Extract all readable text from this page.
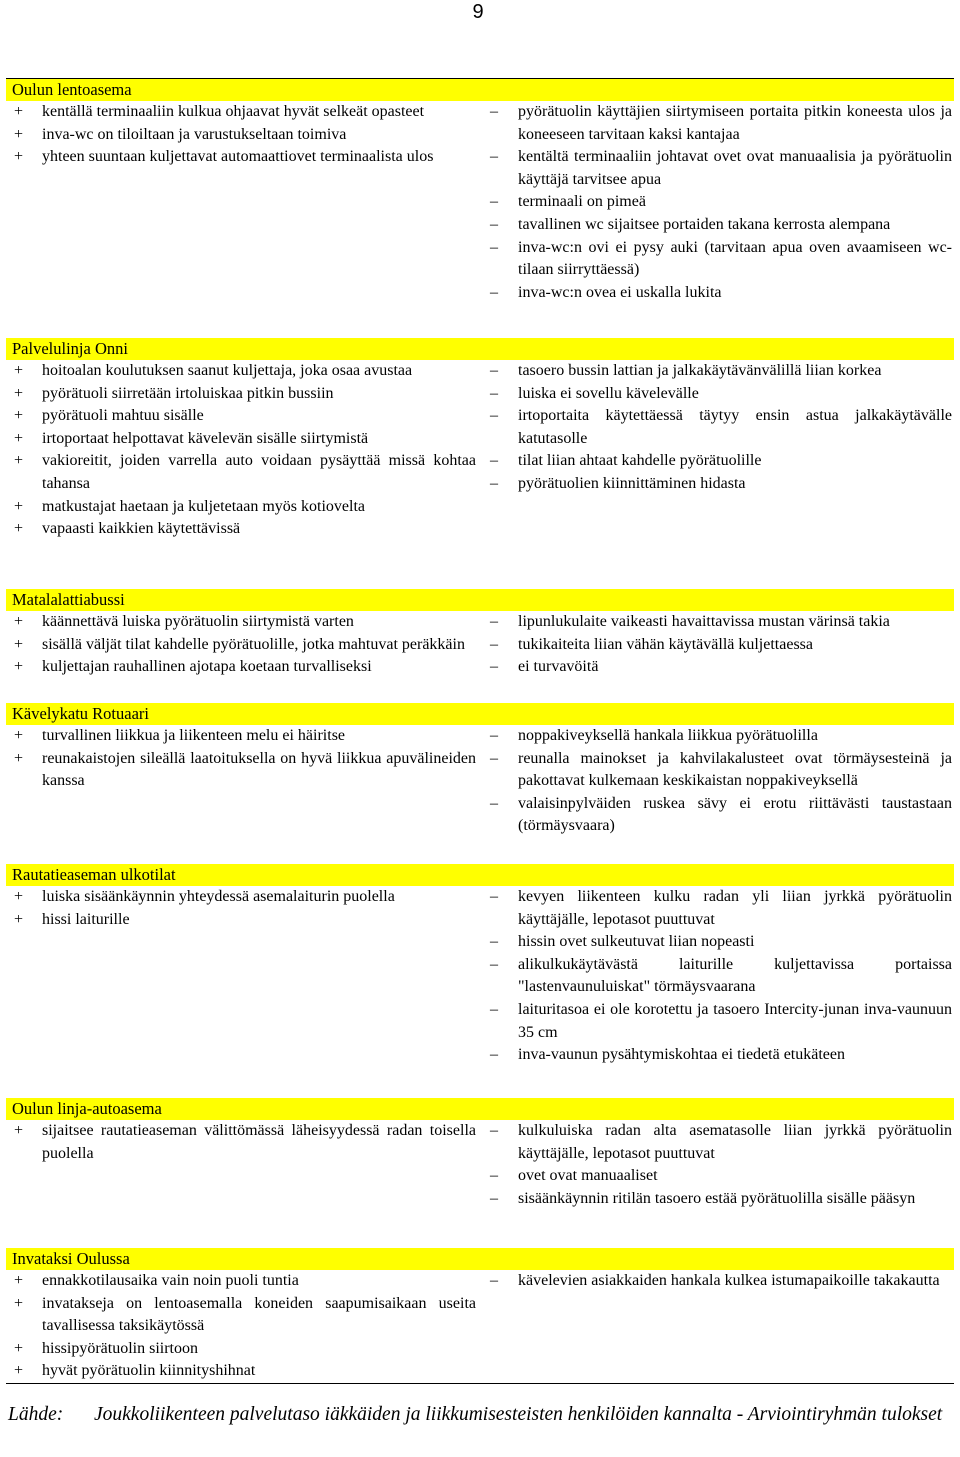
9
Oulun lentoasema
+	kentällä terminaaliin kulkua ohjaavat hyvät selkeät opasteet
+	inva-wc on tiloiltaan ja varustukseltaan toimiva
+	yhteen suuntaan kuljettavat automaattiovet terminaalista ulos
–	pyörätuolin käyttäjien siirtymiseen portaita pitkin koneesta ulos ja koneeseen tarvitaan kaksi kantajaa
–	kentältä terminaaliin johtavat ovet ovat manuaalisia ja pyörätuolin käyttäjä tarvitsee apua
–	terminaali on pimeä
–	tavallinen wc sijaitsee portaiden takana kerrosta alempana
–	inva-wc:n ovi ei pysy auki (tarvitaan apua oven avaamiseen wc-tilaan siirryttäessä)
–	inva-wc:n ovea ei uskalla lukita
Palvelulinja Onni
+	hoitoalan koulutuksen saanut kuljettaja, joka osaa avustaa
+	pyörätuoli siirretään irtoluiskaa pitkin bussiin
+	pyörätuoli mahtuu sisälle
+	irtoportaat helpottavat kävelevän sisälle siirtymistä
+	vakioreitit, joiden varrella auto voidaan pysäyttää missä kohtaa tahansa
+	matkustajat haetaan ja kuljetetaan myös kotiovelta
+	vapaasti kaikkien käytettävissä
–	tasoero bussin lattian ja jalkakäytävänvälillä liian korkea
–	luiska ei sovellu kävelevälle
–	irtoportaita käytettäessä täytyy ensin astua jalkakäytävälle katutasolle
–	tilat liian ahtaat kahdelle pyörätuolille
–	pyörätuolien kiinnittäminen hidasta
Matalalattiabussi
+	käännettävä luiska pyörätuolin siirtymistä varten
+	sisällä väljät tilat kahdelle pyörätuolille, jotka mahtuvat peräkkäin
+	kuljettajan rauhallinen ajotapa koetaan turvalliseksi
–	lipunlukulaite vaikeasti havaittavissa mustan värinsä takia
–	tukikaiteita liian vähän käytävällä kuljettaessa
–	ei turvavöitä
Kävelykatu Rotuaari
+	turvallinen liikkua ja liikenteen melu ei häiritse
+	reunakaistojen sileällä laatoituksella on hyvä liikkua apuvälineiden kanssa
–	noppakiveyksellä hankala liikkua pyörätuolilla
–	reunalla mainokset ja kahvilakalusteet ovat törmäysesteinä ja pakottavat kulkemaan keskikaistan noppakiveyksellä
–	valaisinpylväiden ruskea sävy ei erotu riittävästi taustastaan (törmäysvaara)
Rautatieaseman ulkotilat
+	luiska sisäänkäynnin yhteydessä asemalaiturin puolella
+	hissi laiturille
–	kevyen liikenteen kulku radan yli liian jyrkkä pyörätuolin käyttäjälle, lepotasot puuttuvat
–	hissin ovet sulkeutuvat liian nopeasti
–	alikulkukäytävästä laiturille kuljettavissa portaissa "lastenvaunuluiskat" törmäysvaarana
–	laituritasoa ei ole korotettu ja tasoero Intercity-junan inva-vaunuun 35 cm
–	inva-vaunun pysähtymiskohtaa ei tiedetä etukäteen
Oulun linja-autoasema
+	sijaitsee rautatieaseman välittömässä läheisyydessä radan toisella puolella
–	kulkuluiska radan alta asematasolle liian jyrkkä pyörätuolin käyttäjälle, lepotasot puuttuvat
–	ovet ovat manuaaliset
–	sisäänkäynnin ritilän tasoero estää pyörätuolilla sisälle pääsyn
Invataksi Oulussa
+	ennakkotilausaika vain noin puoli tuntia
+	invatakseja on lentoasemalla koneiden saapumisaikaan useita tavallisessa taksikäytössä
+	hissipyörätuolin siirtoon
+	hyvät pyörätuolin kiinnityshihnat
–	kävelevien asiakkaiden hankala kulkea istumapaikoille takakautta
Lähde: Joukkoliikenteen palvelutaso iäkkäiden ja liikkumisesteisten henkilöiden kannalta - Arviointiryhmän tulokset
